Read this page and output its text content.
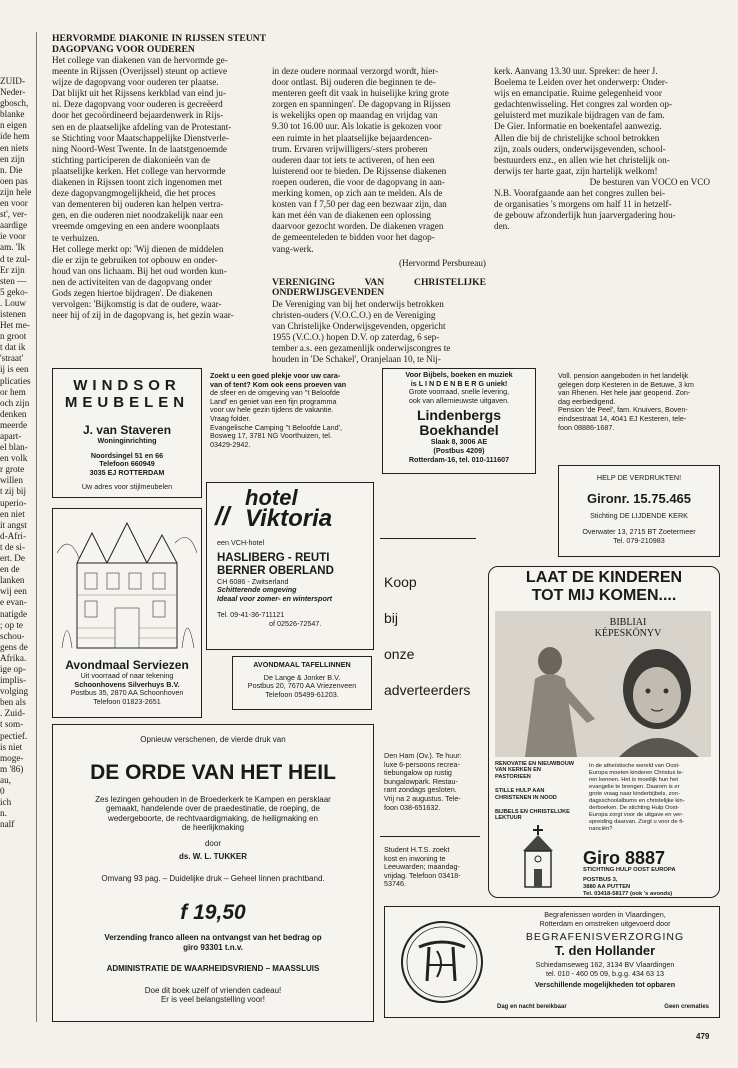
ZUID-
Neder-
gbosch,
blanke
n eigen
ide hem
en niets
en zijn
n. Die
oen pas
zijn hele
en voor
st', ver-
aardige
ie voor
am. 'Ik
d te zul-
Er zijn
sten —
5 geko-
. Louw
istenen
Het me-
n groot
t dat ik
'straat'
ij is een
plicaties
or hem
och zijn
denken
meerde
apart-
el blan-
en volk
r grote
willen
t zij bij
uperio-
en niet
it angst
d-Afri-
t de si-
ert. De
en de
lanken
wij een
e evan-
natigde
; op te
schou-
gens de
Afrika.
ige op-
implis-
volging
ben als
. Zuid-
t som-
pectief.
is niet
moge-
m '86)
au,
0
ich
n.
nalf
HERVORMDE DIAKONIE IN RIJSSEN STEUNT DAGOPVANG VOOR OUDEREN
Het college van diakenen van de hervormde ge-
meente in Rijssen (Overijssel) steunt op actieve
wijze de dagopvang voor ouderen ter plaatse.
Dat blijkt uit het Rijssens kerkblad van eind ju-
ni. Deze dagopvang voor ouderen is gecreëerd
door het gecoördineerd bejaardenwerk in Rijs-
sen en de plaatselijke afdeling van de Protestant-
se Stichting voor Maatschappelijke Dienstverle-
ning Noord-West Twente. In de laatstgenoemde
stichting participeren de diakonieën van de
plaatselijke kerken. Het college van hervormde
diakenen in Rijssen toont zich ingenomen met
deze dagopvangmogelijkheid, die het proces
van dementeren bij ouderen kan helpen vertra-
gen, en die ouderen niet noodzakelijk naar een
vreemde omgeving en een andere woonplaats
te verhuizen.
Het college merkt op: 'Wij dienen de middelen
die er zijn te gebruiken tot opbouw en onder-
houd van ons lichaam. Bij het oud worden kun-
nen de activiteiten van de dagopvang onder
Gods zegen hiertoe bijdragen'. De diakenen
vervolgen: 'Bijkomstig is dat de oudere, waar-
neer hij of zij in de dagopvang is, het gezin waar-
in deze oudere normaal verzorgd wordt, hier-
door ontlast. Bij ouderen die beginnen te de-
menteren geeft dit vaak in huiselijke kring grote
zorgen en spanningen'. De dagopvang in Rijssen
is wekelijks open op maandag en vrijdag van
9.30 tot 16.00 uur. Als lokatie is gekozen voor
een ruimte in het plaatselijke bejaardencen-
trum. Ervaren vrijwilligers/-sters proberen
ouderen daar tot iets te activeren, of hen een
luisterend oor te bieden. De Rijssense diakenen
roepen ouderen, die voor de dagopvang in aan-
merking komen, op zich aan te melden. Als de
kosten van f 7,50 per dag een bezwaar zijn, dan
kan met één van de diakenen een oplossing
daarvoor gezocht worden. De diakenen vragen
de gemeenteleden te bidden voor het dagop-
vang-werk.
(Hervormd Persbureau)
VERENIGING VAN CHRISTELIJKE ONDERWIJSGEVENDEN
De Vereniging van bij het onderwijs betrokken
christen-ouders (V.O.C.O.) en de Vereniging
van Christelijke Onderwijsgevenden, opgericht
1955 (V.C.O.) hopen D.V. op zaterdag, 6 sep-
tember a.s. een gezamenlijk onderwijscongres te
houden in 'De Schakel', Oranjelaan 10, te Nij-
kerk. Aanvang 13.30 uur. Spreker: de heer J.
Boelema te Leiden over het onderwerp: Onder-
wijs en emancipatie. Ruime gelegenheid voor
gedachtenwisseling. Het congres zal worden op-
geluisterd met muzikale bijdragen van de fam.
De Gier. Informatie en boekentafel aanwezig.
Allen die bij de christelijke school betrokken
zijn, zoals ouders, onderwijsgevenden, school-
bestuurders enz., en allen wie het christelijk on-
derwijs ter harte gaat, zijn hartelijk welkom!
De besturen van VOCO en VCO
N.B. Voorafgaande aan het congres zullen bei-
de organisaties 's morgens om half 11 in hetzelf-
de gebouw afzonderlijk hun jaarvergadering hou-
den.
WINDSOR
MEUBELEN
J. van Staveren
Woninginrichting
Noordsingel 51 en 66
Telefoon 660949
3035 EJ ROTTERDAM
Uw adres voor stijlmeubelen
Zoekt u een goed plekje voor uw cara-
van of tent? Kom ook eens proeven van
de sfeer en de omgeving van ''t Beloofde
Land' en geniet van een fijn programma
voor uw hele gezin tijdens de vakantie.
Vraag folder.
Evangelische Camping ''t Beloofde Land',
Bosweg 17, 3781 NG Voorthuizen, tel.
03429-2942.
Voor Bijbels, boeken en muziek
is L I N D E N B E R G uniek!
Grote voorraad, snelle levering,
ook van allernieuwste uitgaven.
Lindenbergs
Boekhandel
Slaak 8, 3006 AE
(Postbus 4209)
Rotterdam-16, tel. 010-111607
Voll. pension aangeboden in het landelijk
gelegen dorp Kesteren in de Betuwe, 3 km
van Rhenen. Het hele jaar geopend. Zon-
dag eerbiedigend.
Pension 'de Peel', fam. Knuivers, Boven-
eindsestraat 14, 4041 EJ Kesteren, tele-
foon 08886-1687.
HELP DE VERDRUKTEN!
Gironr. 15.75.465
Stichting DE LIJDENDE KERK
Overwater 13, 2715 BT Zoetermeer
Tel. 079-210983
Avondmaal Serviezen
Uit voorraad of naar tekening
Schoonhovens Silverhuys B.V.
Postbus 35, 2870 AA Schoonhoven
Telefoon 01823-2651
//
hotel
Viktoria
een VCH-hotel
HASLIBERG - REUTI
BERNER OBERLAND
CH 6086 - Zwitserland
Schitterende omgeving
Ideaal voor zomer- en wintersport
Tel. 09-41-36-711121
of 02526-72547.
AVONDMAAL TAFELLINNEN
De Lange & Jonker B.V.
Postbus 20, 7670 AA Vriezenveen
Telefoon 05499-61203.
Koop
bij
onze
adverteerders
LAAT DE KINDEREN
TOT MIJ KOMEN....
BIBLIAI
KÉPESKÖNYV
RENOVATIE EN NIEUWBOUW VAN KERKEN EN PASTORIEEN
STILLE HULP AAN CHRISTENEN IN NOOD
BIJBELS EN CHRISTELIJKE LEKTUUR
In de atheïstische wereld van Oost-
Europa moeten kinderen Christus le-
ren kennen. Het is moeilijk hun het
evangelie te brengen. Daarom is er
grote vraag naar kinderbijbels, zon-
dagsschoolalbums en christelijke kin-
derboeken. De stichting Hulp Oost-
Europa zorgt voor de uitgave en ver-
spreiding daarvan. Zorgt u voor de fi-
nanciën?
Giro 8887
STICHTING HULP OOST EUROPA
POSTBUS 3,
3880 AA PUTTEN
Tel. 03418-58177 (ook 's avonds)
Opnieuw verschenen, de vierde druk van
DE ORDE VAN HET HEIL
Zes lezingen gehouden in de Broederkerk te Kampen en persklaar
gemaakt, handelende over de praedestinatie, de roeping, de
wedergeboorte, de rechtvaardigmaking, de heiligmaking en
de heerlijkmaking
door
ds. W. L. TUKKER
Omvang 93 pag. – Duidelijke druk – Geheel linnen prachtband.
f 19,50
Verzending franco alleen na ontvangst van het bedrag op
giro 93301 t.n.v.
ADMINISTRATIE DE WAARHEIDSVRIEND – MAASSLUIS
Doe dit boek uzelf of vrienden cadeau!
Er is veel belangstelling voor!
Den Ham (Ov.). Te huur:
luxe 6-persoons recrea-
tiebungalow op rustig
bungalowpark. Restau-
rant zondags gesloten.
Vrij na 2 augustus. Tele-
foon 038-651632.
Student H.T.S. zoekt
kost en inwoning te
Leeuwarden; maandag-
vrijdag. Telefoon 03418-
53746.
Begrafenissen worden in Vlaardingen,
Rotterdam en omstreken uitgevoerd door
BEGRAFENISVERZORGING
T. den Hollander
Schiedamseweg 162, 3134 BV Vlaardingen
tel. 010 - 460 05 09, b.g.g. 434 63 13
Verschillende mogelijkheden tot opbaren
Dag en nacht bereikbaar	Geen crematies
479
